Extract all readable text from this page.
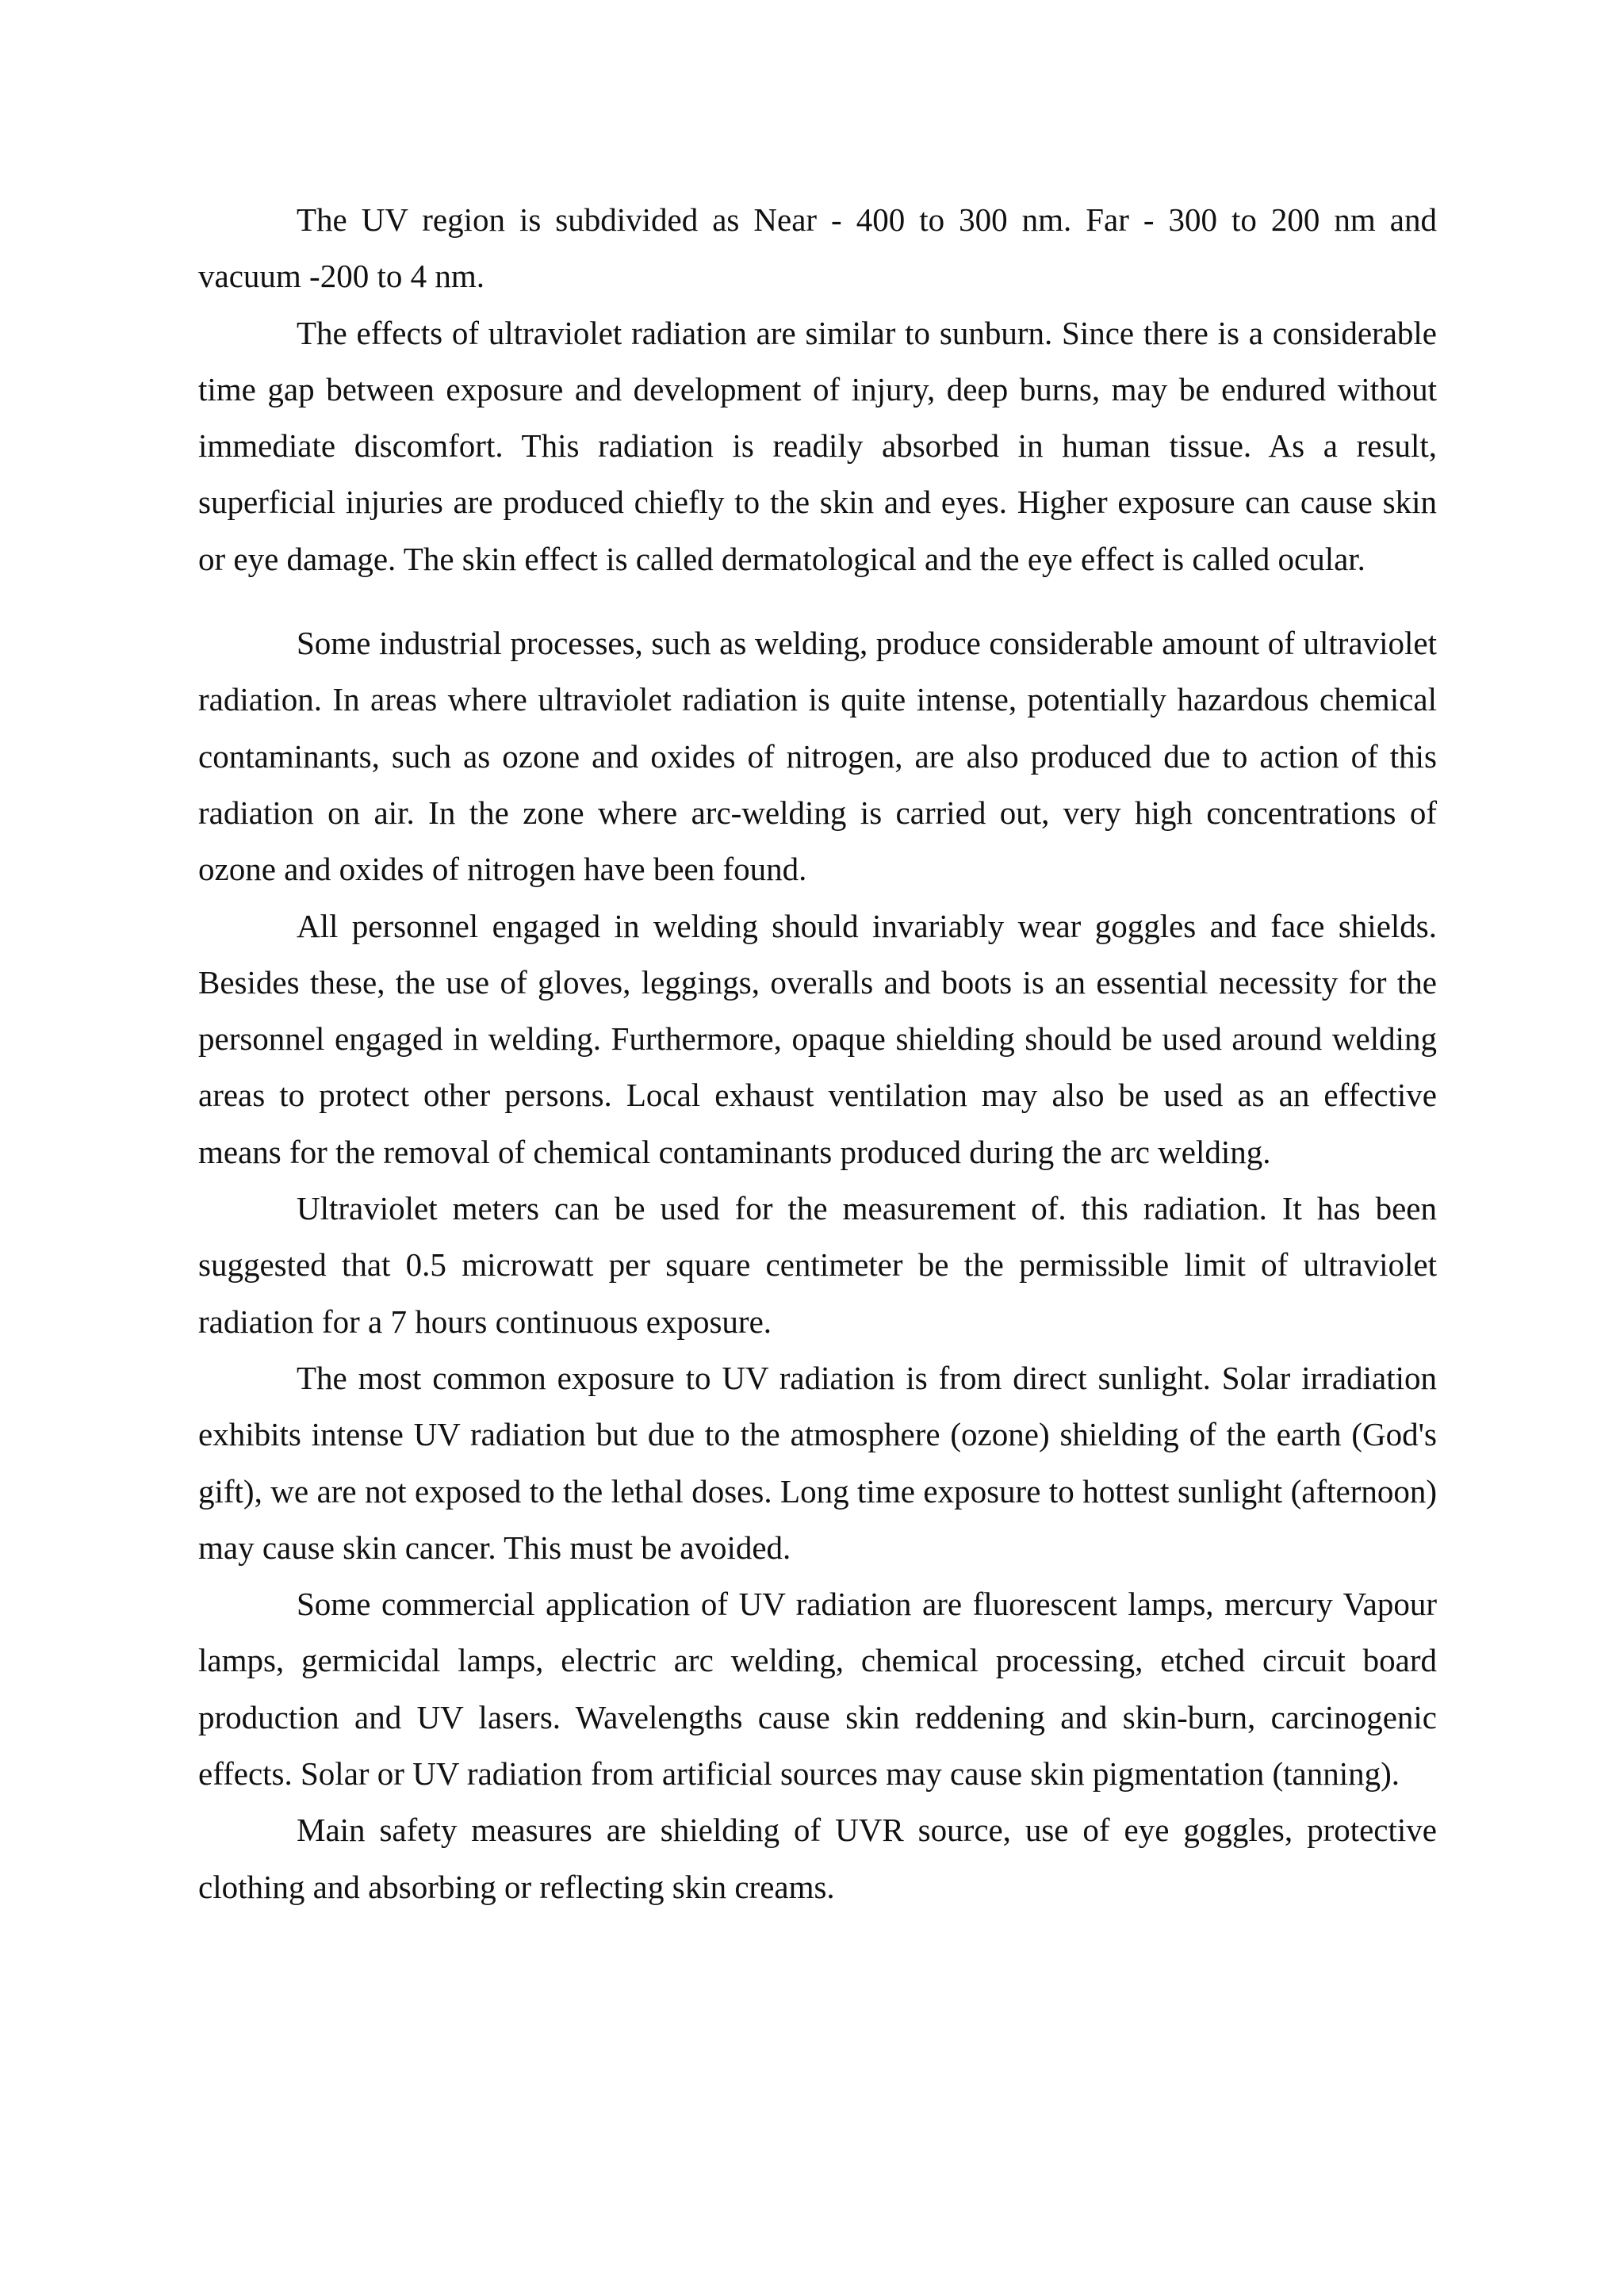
The UV region is subdivided as Near - 400 to 300 nm. Far - 300 to 200 nm and vacuum -200 to 4 nm.

The effects of ultraviolet radiation are similar to sunburn. Since there is a considerable time gap between exposure and development of injury, deep burns, may be endured without immediate discomfort. This radiation is readily absorbed in human tissue. As a result, superficial injuries are produced chiefly to the skin and eyes. Higher exposure can cause skin or eye damage. The skin effect is called dermatological and the eye effect is called ocular.

Some industrial processes, such as welding, produce considerable amount of ultraviolet radiation. In areas where ultraviolet radiation is quite intense, potentially hazardous chemical contaminants, such as ozone and oxides of nitrogen, are also produced due to action of this radiation on air. In the zone where arc-welding is carried out, very high concentrations of ozone and oxides of nitrogen have been found.

All personnel engaged in welding should invariably wear goggles and face shields. Besides these, the use of gloves, leggings, overalls and boots is an essential necessity for the personnel engaged in welding. Furthermore, opaque shielding should be used around welding areas to protect other persons. Local exhaust ventilation may also be used as an effective means for the removal of chemical contaminants produced during the arc welding.

Ultraviolet meters can be used for the measurement of. this radiation. It has been suggested that 0.5 microwatt per square centimeter be the permissible limit of ultraviolet radiation for a 7 hours continuous exposure.

The most common exposure to UV radiation is from direct sunlight. Solar irradiation exhibits intense UV radiation but due to the atmosphere (ozone) shielding of the earth (God's gift), we are not exposed to the lethal doses. Long time exposure to hottest sunlight (afternoon) may cause skin cancer. This must be avoided.

Some commercial application of UV radiation are fluorescent lamps, mercury Vapour lamps, germicidal lamps, electric arc welding, chemical processing, etched circuit board production and UV lasers. Wavelengths cause skin reddening and skin-burn, carcinogenic effects. Solar or UV radiation from artificial sources may cause skin pigmentation (tanning).

Main safety measures are shielding of UVR source, use of eye goggles, protective clothing and absorbing or reflecting skin creams.
